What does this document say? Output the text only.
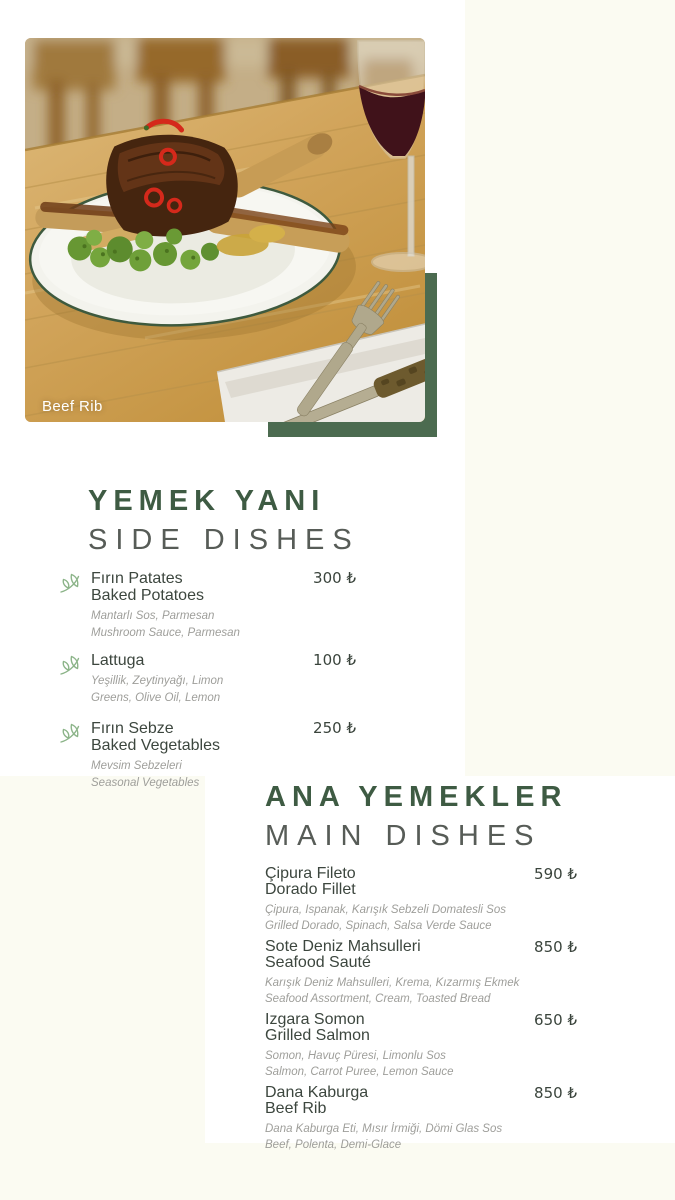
Beef Rib
YEMEK YANI
SIDE DISHES
Fırın Patates
Baked Potatoes
Mantarlı Sos, Parmesan
Mushroom Sauce, Parmesan
300 ₺
Lattuga
Yeşillik, Zeytinyağı, Limon
Greens, Olive Oil, Lemon
100 ₺
Fırın Sebze
Baked Vegetables
Mevsim Sebzeleri
Seasonal Vegetables
250 ₺
ANA YEMEKLER
MAIN DISHES
Çipura Fileto
Dorado Fillet
Çipura, Ispanak, Karışık Sebzeli Domatesli Sos
Grilled Dorado, Spinach, Salsa Verde Sauce
590 ₺
Sote Deniz Mahsulleri
Seafood Sauté
Karışık Deniz Mahsulleri, Krema, Kızarmış Ekmek
Seafood Assortment, Cream, Toasted Bread
850 ₺
Izgara Somon
Grilled Salmon
Somon, Havuç Püresi, Limonlu Sos
Salmon, Carrot Puree, Lemon Sauce
650 ₺
Dana Kaburga
Beef Rib
Dana Kaburga Eti, Mısır İrmiği, Dömi Glas Sos
Beef, Polenta, Demi-Glace
850 ₺
